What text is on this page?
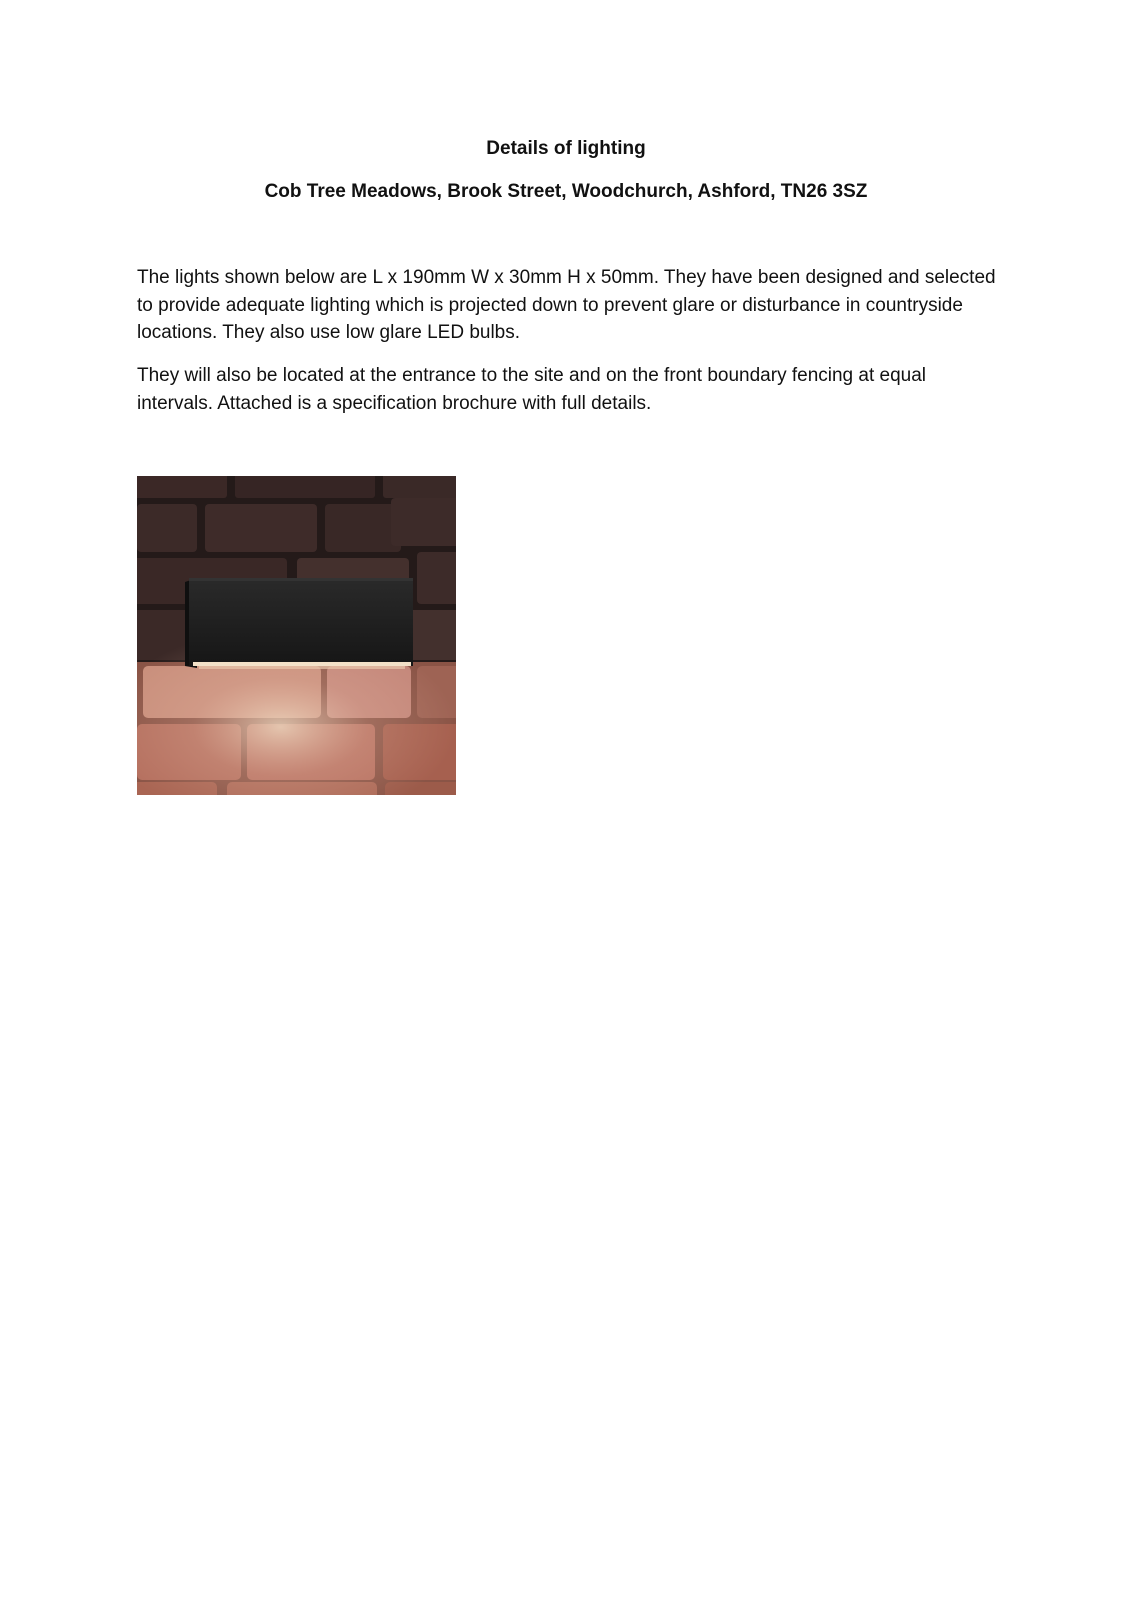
Details of lighting
Cob Tree Meadows, Brook Street, Woodchurch, Ashford, TN26 3SZ

The lights shown below are L x 190mm W x 30mm H x 50mm. They have been designed and selected to provide adequate lighting which is projected down to prevent glare or disturbance in countryside locations. They also use low glare LED bulbs.

They will also be located at the entrance to the site and on the front boundary fencing at equal intervals. Attached is a specification brochure with full details.
